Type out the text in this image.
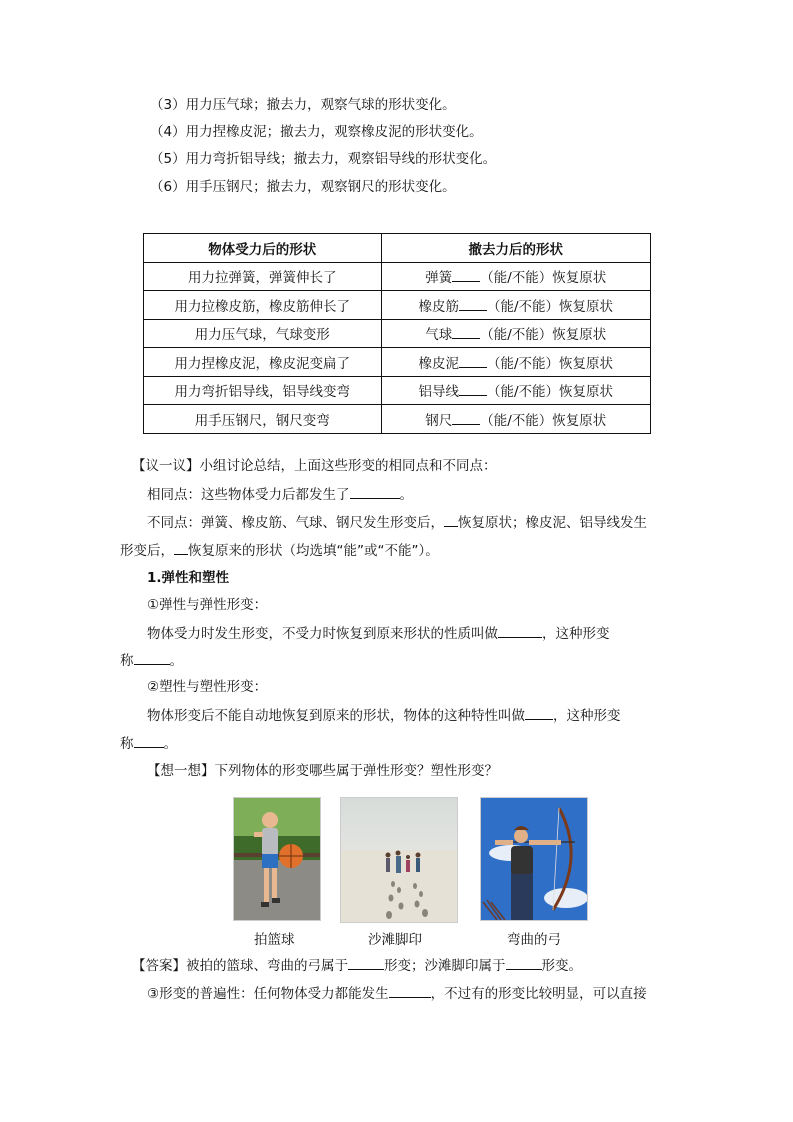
（3）用力压气球；撤去力，观察气球的形状变化。
（4）用力捏橡皮泥；撤去力，观察橡皮泥的形状变化。
（5）用力弯折铝导线；撤去力，观察铝导线的形状变化。
（6）用手压钢尺；撤去力，观察钢尺的形状变化。
物体受力后的形状	撤去力后的形状
用力拉弹簧，弹簧伸长了	弹簧 （能/不能）恢复原状
用力拉橡皮筋，橡皮筋伸长了	橡皮筋 （能/不能）恢复原状
用力压气球，气球变形	气球 （能/不能）恢复原状
用力捏橡皮泥，橡皮泥变扁了	橡皮泥 （能/不能）恢复原状
用力弯折铝导线，铝导线变弯	铝导线 （能/不能）恢复原状
用手压钢尺，钢尺变弯	钢尺 （能/不能）恢复原状
【议一议】小组讨论总结，上面这些形变的相同点和不同点：
相同点：这些物体受力后都发生了	。
不同点：弹簧、橡皮筋、气球、钢尺发生形变后， 恢复原状；橡皮泥、铝导线发生
形变后， 恢复原来的形状（均选填“能”或“不能”）。
1.弹性和塑性
①弹性与弹性形变：
物体受力时发生形变，不受力时恢复到原来形状的性质叫做	，这种形变
称	。
②塑性与塑性形变：
物体形变后不能自动地恢复到原来的形状，物体的这种特性叫做 ，这种形变
称 。
【想一想】下列物体的形变哪些属于弹性形变？塑性形变？
拍篮球	沙滩脚印	弯曲的弓
【答案】被拍的篮球、弯曲的弓属于	形变；沙滩脚印属于	形变。
③形变的普遍性：任何物体受力都能发生	，不过有的形变比较明显，可以直接
